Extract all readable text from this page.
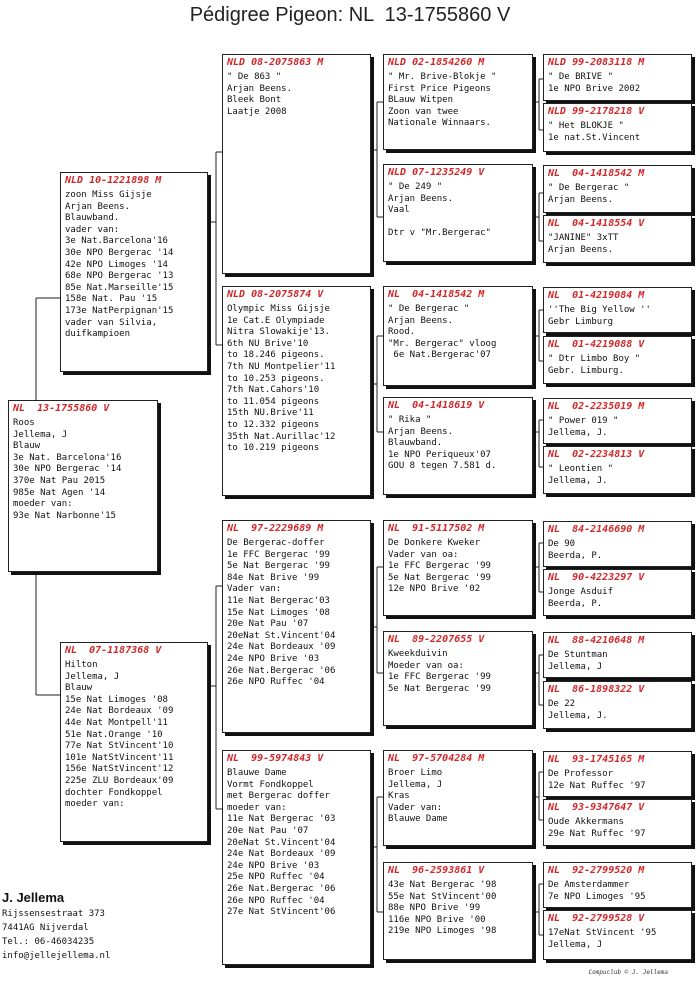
Pédigree Pigeon: NL  13-1755860 V
NL  13-1755860 V
Roos
Jellema, J
Blauw
3e Nat. Barcelona'16
30e NPO Bergerac '14
370e Nat Pau 2015
985e Nat Agen '14
moeder van:
93e Nat Narbonne'15
NLD 10-1221898 M
zoon Miss Gijsje
Arjan Beens.
Blauwband.
vader van:
3e Nat.Barcelona'16
30e NPO Bergerac '14
42e NPO Limoges '14
68e NPO Bergerac '13
85e Nat.Marseille'15
158e Nat. Pau '15
173e NatPerpignan'15
vader van Silvia,
duifkampioen
NL  07-1187368 V
Hilton
Jellema, J
Blauw
15e Nat Limoges '08
24e Nat Bordeaux '09
44e Nat Montpell'11
51e Nat.Orange '10
77e Nat StVincent'10
101e NatStVincent'11
156e NatStVincent'12
225e ZLU Bordeaux'09
dochter Fondkoppel
moeder van:
NLD 08-2075863 M
" De 863 "
Arjan Beens.
Bleek Bont
Laatje 2008
NLD 08-2075874 V
Olympic Miss Gijsje
1e Cat.E Olympiade
Nitra Slowakije'13.
6th NU Brive'10
to 18.246 pigeons.
7th NU Montpelier'11
to 10.253 pigeons.
7th Nat.Cahors'10
to 11.054 pigeons
15th NU.Brive'11
to 12.332 pigeons
35th Nat.Aurillac'12
to 10.219 pigeons
NL  97-2229689 M
De Bergerac-doffer
1e FFC Bergerac '99
5e Nat Bergerac '99
84e Nat Brive '99
Vader van:
11e Nat Bergerac'03
15e Nat Limoges '08
20e Nat Pau '07
20eNat St.Vincent'04
24e Nat Bordeaux '09
24e NPO Brive '03
26e Nat.Bergerac '06
26e NPO Ruffec '04
NL  99-5974843 V
Blauwe Dame
Vormt Fondkoppel
met Bergerac doffer
moeder van:
11e Nat Bergerac '03
20e Nat Pau '07
20eNat St.Vincent'04
24e Nat Bordeaux '09
24e NPO Brive '03
25e NPO Ruffec '04
26e Nat.Bergerac '06
26e NPO Ruffec '04
27e Nat StVincent'06
NLD 02-1854260 M
" Mr. Brive-Blokje "
First Price Pigeons
BLauw Witpen
Zoon van twee
Nationale Winnaars.
NLD 07-1235249 V
" De 249 "
Arjan Beens.
Vaal
Dtr v "Mr.Bergerac"
NL  04-1418542 M
" De Bergerac "
Arjan Beens.
Rood.
"Mr. Bergerac" vloog
6e Nat.Bergerac'07
NL  04-1418619 V
" Rika "
Arjan Beens.
Blauwband.
1e NPO Periqueux'07
GOU 8 tegen 7.581 d.
NL  91-5117502 M
De Donkere Kweker
Vader van oa:
1e FFC Bergerac '99
5e Nat Bergerac '99
12e NPO Brive '02
NL  89-2207655 V
Kweekduivin
Moeder van oa:
1e FFC Bergerac '99
5e Nat Bergerac '99
NL  97-5704284 M
Broer Limo
Jellema, J
Kras
Vader van:
Blauwe Dame
NL  96-2593861 V
43e Nat Bergerac '98
55e Nat StVincent'00
88e NPO Brive '99
116e NPO Brive '00
219e NPO Limoges '98
NLD 99-2083118 M
" De BRIVE "
1e NPO Brive 2002
NLD 99-2178218 V
" Het BLOKJE "
1e nat.St.Vincent
NL  04-1418542 M
" De Bergerac "
Arjan Beens.
NL  04-1418554 V
"JANINE" 3xTT
Arjan Beens.
NL  01-4219084 M
''The Big Yellow ''
Gebr Limburg
NL  01-4219088 V
" Dtr Limbo Boy "
Gebr. Limburg.
NL  02-2235019 M
" Power 019 "
Jellema, J.
NL  02-2234813 V
" Leontien "
Jellema, J.
NL  84-2146690 M
De 90
Beerda, P.
NL  90-4223297 V
Jonge Asduif
Beerda, P.
NL  88-4210648 M
De Stuntman
Jellema, J
NL  86-1898322 V
De 22
Jellema, J.
NL  93-1745165 M
De Professor
12e Nat Ruffec '97
NL  93-9347647 V
Oude Akkermans
29e Nat Ruffec '97
NL  92-2799520 M
De Amsterdammer
7e NPO Limoges '95
NL  92-2799528 V
17eNat StVincent '95
Jellema, J
J. Jellema
Rijssensestraat 373
7441AG Nijverdal
Tel.: 06-46034235
info@jellejellema.nl
Compuclub © J. Jellema
